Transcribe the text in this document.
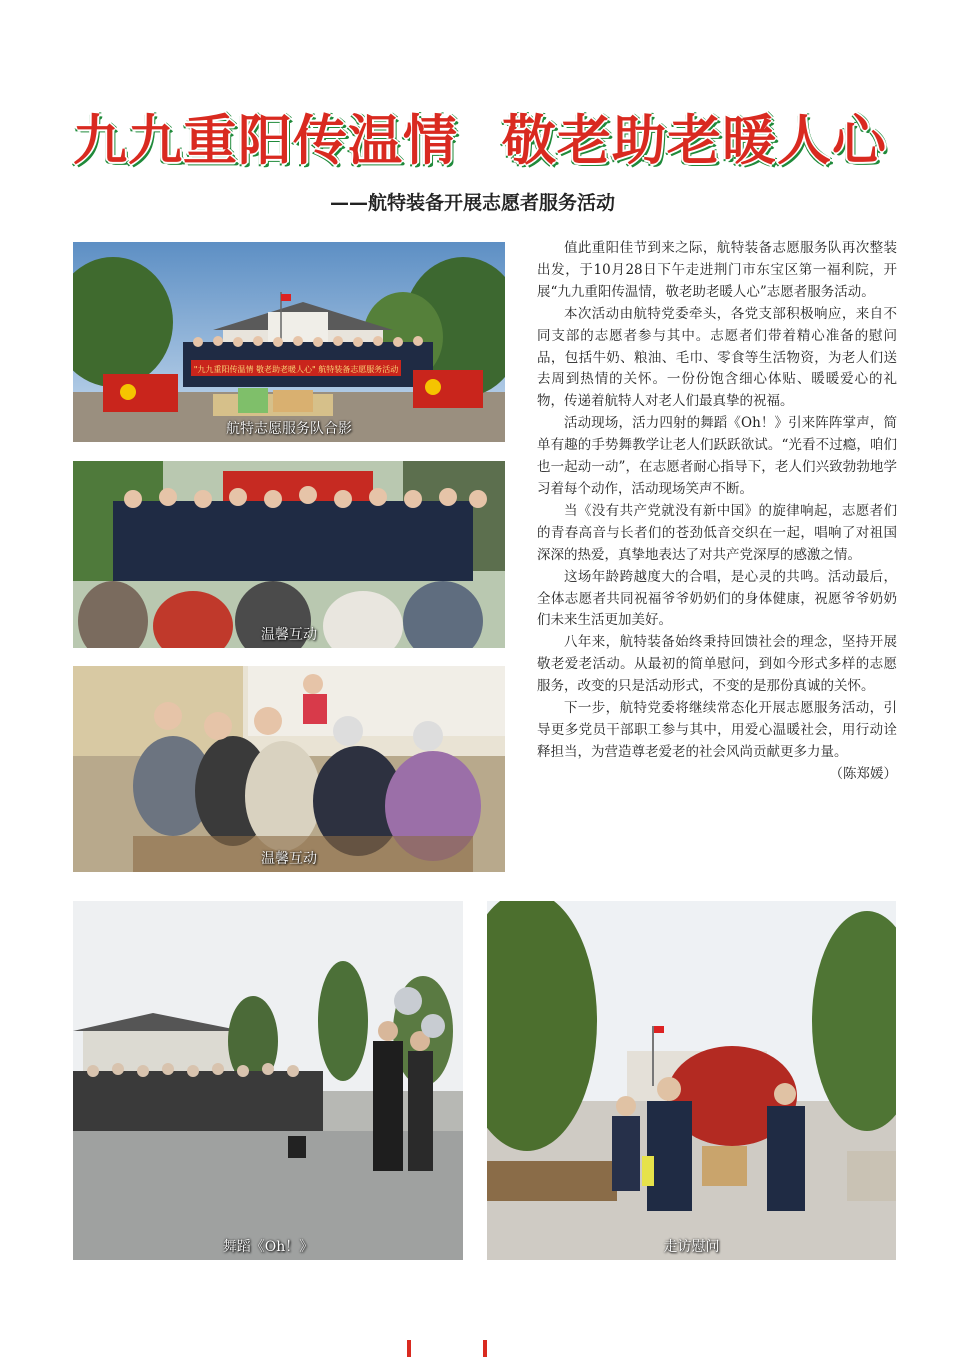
九九重阳传温情 敬老助老暖人心
——航特装备开展志愿者服务活动
"九九重阳传温情 敬老助老暖人心" 航特装备志愿服务活动
航特志愿服务队合影
温馨互动
温馨互动

值此重阳佳节到来之际，航特装备志愿服务队再次整装出发，于10月28日下午走进荆门市东宝区第一福利院，开展“九九重阳传温情，敬老助老暖人心”志愿者服务活动。

本次活动由航特党委牵头，各党支部积极响应，来自不同支部的志愿者参与其中。志愿者们带着精心准备的慰问品，包括牛奶、粮油、毛巾、零食等生活物资，为老人们送去周到热情的关怀。一份份饱含细心体贴、暖暖爱心的礼物，传递着航特人对老人们最真挚的祝福。

活动现场，活力四射的舞蹈《Oh！》引来阵阵掌声，简单有趣的手势舞教学让老人们跃跃欲试。“光看不过瘾，咱们也一起动一动”，在志愿者耐心指导下，老人们兴致勃勃地学习着每个动作，活动现场笑声不断。

当《没有共产党就没有新中国》的旋律响起，志愿者们的青春高音与长者们的苍劲低音交织在一起，唱响了对祖国深深的热爱，真挚地表达了对共产党深厚的感激之情。

这场年龄跨越度大的合唱，是心灵的共鸣。活动最后，全体志愿者共同祝福爷爷奶奶们的身体健康，祝愿爷爷奶奶们未来生活更加美好。

八年来，航特装备始终秉持回馈社会的理念，坚持开展敬老爱老活动。从最初的简单慰问，到如今形式多样的志愿服务，改变的只是活动形式，不变的是那份真诚的关怀。

下一步，航特党委将继续常态化开展志愿服务活动，引导更多党员干部职工参与其中，用爱心温暖社会，用行动诠释担当，为营造尊老爱老的社会风尚贡献更多力量。
（陈郑媛）

舞蹈《Oh！》	走访慰问
